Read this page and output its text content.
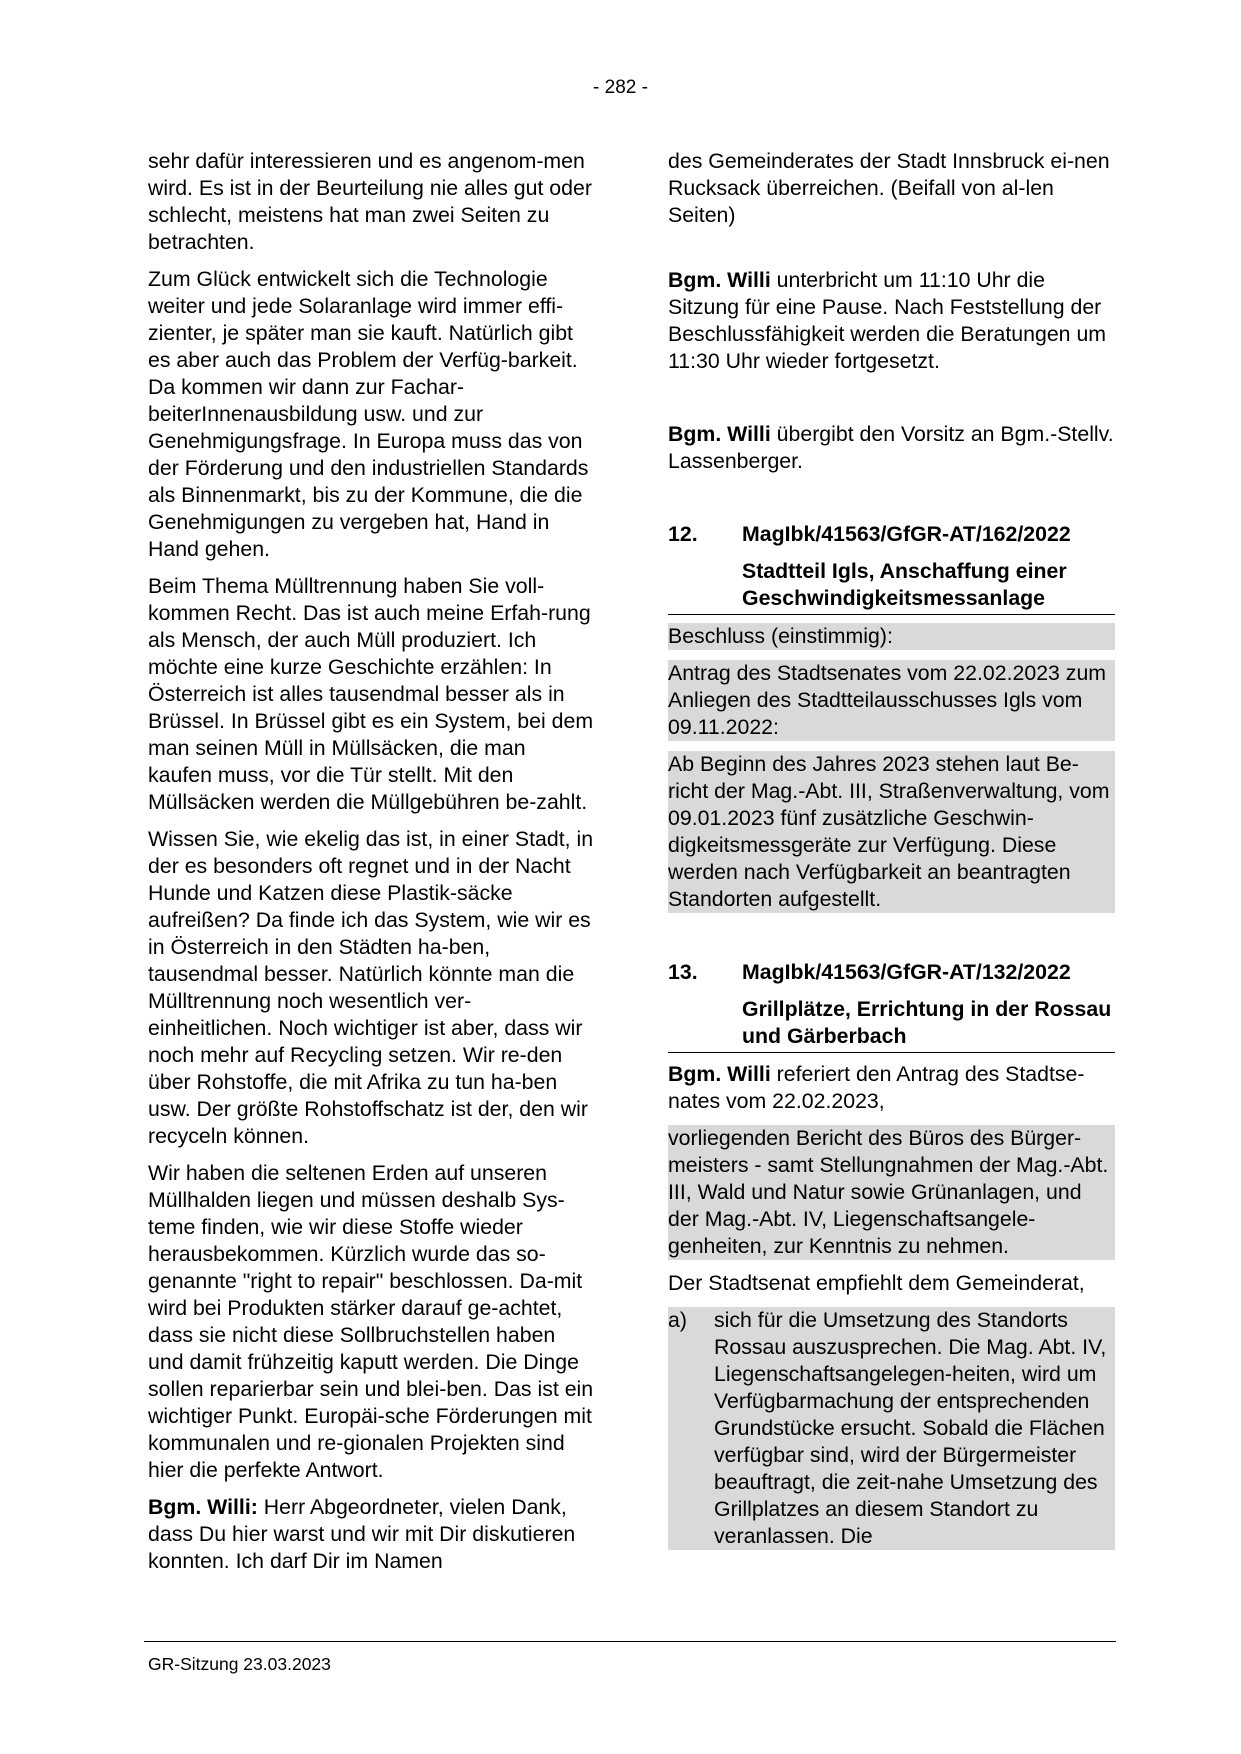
- 282 -

sehr dafür interessieren und es angenom-men wird. Es ist in der Beurteilung nie alles gut oder schlecht, meistens hat man zwei Seiten zu betrachten.

Zum Glück entwickelt sich die Technologie weiter und jede Solaranlage wird immer effi-zienter, je später man sie kauft. Natürlich gibt es aber auch das Problem der Verfüg-barkeit. Da kommen wir dann zur Fachar-beiterInnenausbildung usw. und zur Genehmigungsfrage. In Europa muss das von der Förderung und den industriellen Standards als Binnenmarkt, bis zu der Kommune, die die Genehmigungen zu vergeben hat, Hand in Hand gehen.

Beim Thema Mülltrennung haben Sie voll-kommen Recht. Das ist auch meine Erfah-rung als Mensch, der auch Müll produziert. Ich möchte eine kurze Geschichte erzählen: In Österreich ist alles tausendmal besser als in Brüssel. In Brüssel gibt es ein System, bei dem man seinen Müll in Müllsäcken, die man kaufen muss, vor die Tür stellt. Mit den Müllsäcken werden die Müllgebühren be-zahlt.

Wissen Sie, wie ekelig das ist, in einer Stadt, in der es besonders oft regnet und in der Nacht Hunde und Katzen diese Plastik-säcke aufreißen? Da finde ich das System, wie wir es in Österreich in den Städten ha-ben, tausendmal besser. Natürlich könnte man die Mülltrennung noch wesentlich ver-einheitlichen. Noch wichtiger ist aber, dass wir noch mehr auf Recycling setzen. Wir re-den über Rohstoffe, die mit Afrika zu tun ha-ben usw. Der größte Rohstoffschatz ist der, den wir recyceln können.

Wir haben die seltenen Erden auf unseren Müllhalden liegen und müssen deshalb Sys-teme finden, wie wir diese Stoffe wieder herausbekommen. Kürzlich wurde das so-genannte "right to repair" beschlossen. Da-mit wird bei Produkten stärker darauf ge-achtet, dass sie nicht diese Sollbruchstellen haben und damit frühzeitig kaputt werden. Die Dinge sollen reparierbar sein und blei-ben. Das ist ein wichtiger Punkt. Europäi-sche Förderungen mit kommunalen und re-gionalen Projekten sind hier die perfekte Antwort.

Bgm. Willi: Herr Abgeordneter, vielen Dank, dass Du hier warst und wir mit Dir diskutieren konnten. Ich darf Dir im Namen

des Gemeinderates der Stadt Innsbruck ei-nen Rucksack überreichen. (Beifall von al-len Seiten)

Bgm. Willi unterbricht um 11:10 Uhr die Sitzung für eine Pause. Nach Feststellung der Beschlussfähigkeit werden die Beratungen um 11:30 Uhr wieder fortgesetzt.

Bgm. Willi übergibt den Vorsitz an Bgm.-Stellv. Lassenberger.

12.	MagIbk/41563/GfGR-AT/162/2022
Stadtteil Igls, Anschaffung einer Geschwindigkeitsmessanlage
Beschluss (einstimmig):
Antrag des Stadtsenates vom 22.02.2023 zum Anliegen des Stadtteilausschusses Igls vom 09.11.2022:
Ab Beginn des Jahres 2023 stehen laut Be-richt der Mag.-Abt. III, Straßenverwaltung, vom 09.01.2023 fünf zusätzliche Geschwin-digkeitsmessgeräte zur Verfügung. Diese werden nach Verfügbarkeit an beantragten Standorten aufgestellt.
13.	MagIbk/41563/GfGR-AT/132/2022
Grillplätze, Errichtung in der Rossau und Gärberbach

Bgm. Willi referiert den Antrag des Stadtse-nates vom 22.02.2023,

vorliegenden Bericht des Büros des Bürger-meisters - samt Stellungnahmen der Mag.-Abt. III, Wald und Natur sowie Grünanlagen, und der Mag.-Abt. IV, Liegenschaftsangele-genheiten, zur Kenntnis zu nehmen.

Der Stadtsenat empfiehlt dem Gemeinderat,

a)	sich für die Umsetzung des Standorts Rossau auszusprechen. Die Mag. Abt. IV, Liegenschaftsangelegen-heiten, wird um Verfügbarmachung der entsprechenden Grundstücke ersucht. Sobald die Flächen verfügbar sind, wird der Bürgermeister beauftragt, die zeit-nahe Umsetzung des Grillplatzes an diesem Standort zu veranlassen. Die
GR-Sitzung 23.03.2023
